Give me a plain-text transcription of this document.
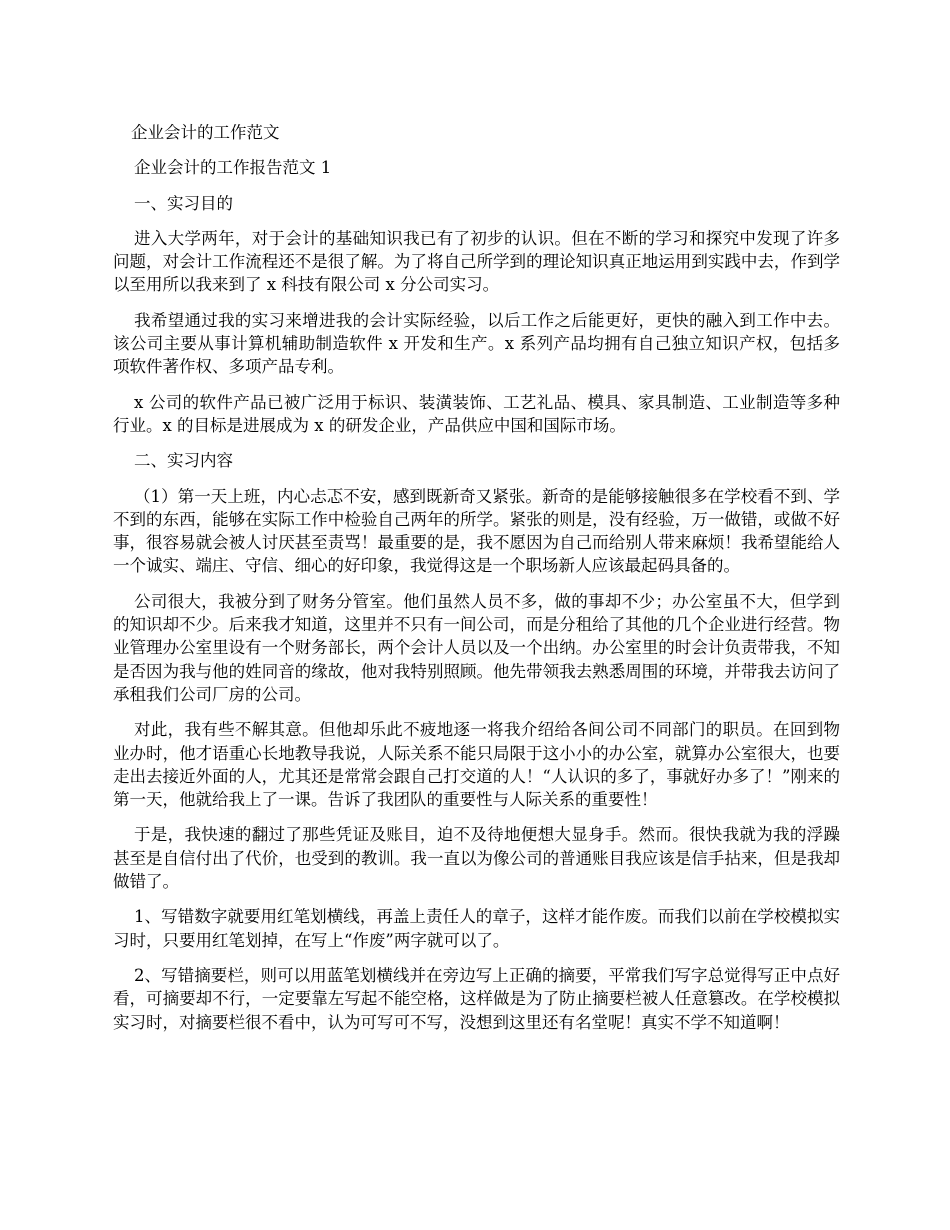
企业会计的工作范文
企业会计的工作报告范文 1
一、实习目的

进入大学两年，对于会计的基础知识我已有了初步的认识。但在不断的学习和探究中发现了许多问题，对会计工作流程还不是很了解。为了将自己所学到的理论知识真正地运用到实践中去，作到学以至用所以我来到了 x 科技有限公司 x 分公司实习。

我希望通过我的实习来增进我的会计实际经验，以后工作之后能更好，更快的融入到工作中去。该公司主要从事计算机辅助制造软件 x 开发和生产。x 系列产品均拥有自己独立知识产权，包括多项软件著作权、多项产品专利。

x 公司的软件产品已被广泛用于标识、装潢装饰、工艺礼品、模具、家具制造、工业制造等多种行业。x 的目标是进展成为 x 的研发企业，产品供应中国和国际市场。

二、实习内容

（1）第一天上班，内心忐忑不安，感到既新奇又紧张。新奇的是能够接触很多在学校看不到、学不到的东西，能够在实际工作中检验自己两年的所学。紧张的则是，没有经验，万一做错，或做不好事，很容易就会被人讨厌甚至责骂！最重要的是，我不愿因为自己而给别人带来麻烦！我希望能给人一个诚实、端庄、守信、细心的好印象，我觉得这是一个职场新人应该最起码具备的。

公司很大，我被分到了财务分管室。他们虽然人员不多，做的事却不少；办公室虽不大，但学到的知识却不少。后来我才知道，这里并不只有一间公司，而是分租给了其他的几个企业进行经营。物业管理办公室里设有一个财务部长，两个会计人员以及一个出纳。办公室里的时会计负责带我，不知是否因为我与他的姓同音的缘故，他对我特别照顾。他先带领我去熟悉周围的环境，并带我去访问了承租我们公司厂房的公司。

对此，我有些不解其意。但他却乐此不疲地逐一将我介绍给各间公司不同部门的职员。在回到物业办时，他才语重心长地教导我说，人际关系不能只局限于这小小的办公室，就算办公室很大，也要走出去接近外面的人，尤其还是常常会跟自己打交道的人！“人认识的多了，事就好办多了！”刚来的第一天，他就给我上了一课。告诉了我团队的重要性与人际关系的重要性！

于是，我快速的翻过了那些凭证及账目，迫不及待地便想大显身手。然而。很快我就为我的浮躁甚至是自信付出了代价，也受到的教训。我一直以为像公司的普通账目我应该是信手拈来，但是我却做错了。

1、写错数字就要用红笔划横线，再盖上责任人的章子，这样才能作废。而我们以前在学校模拟实习时，只要用红笔划掉，在写上“作废”两字就可以了。

2、写错摘要栏，则可以用蓝笔划横线并在旁边写上正确的摘要，平常我们写字总觉得写正中点好看，可摘要却不行，一定要靠左写起不能空格，这样做是为了防止摘要栏被人任意篡改。在学校模拟实习时，对摘要栏很不看中，认为可写可不写，没想到这里还有名堂呢！真实不学不知道啊！
